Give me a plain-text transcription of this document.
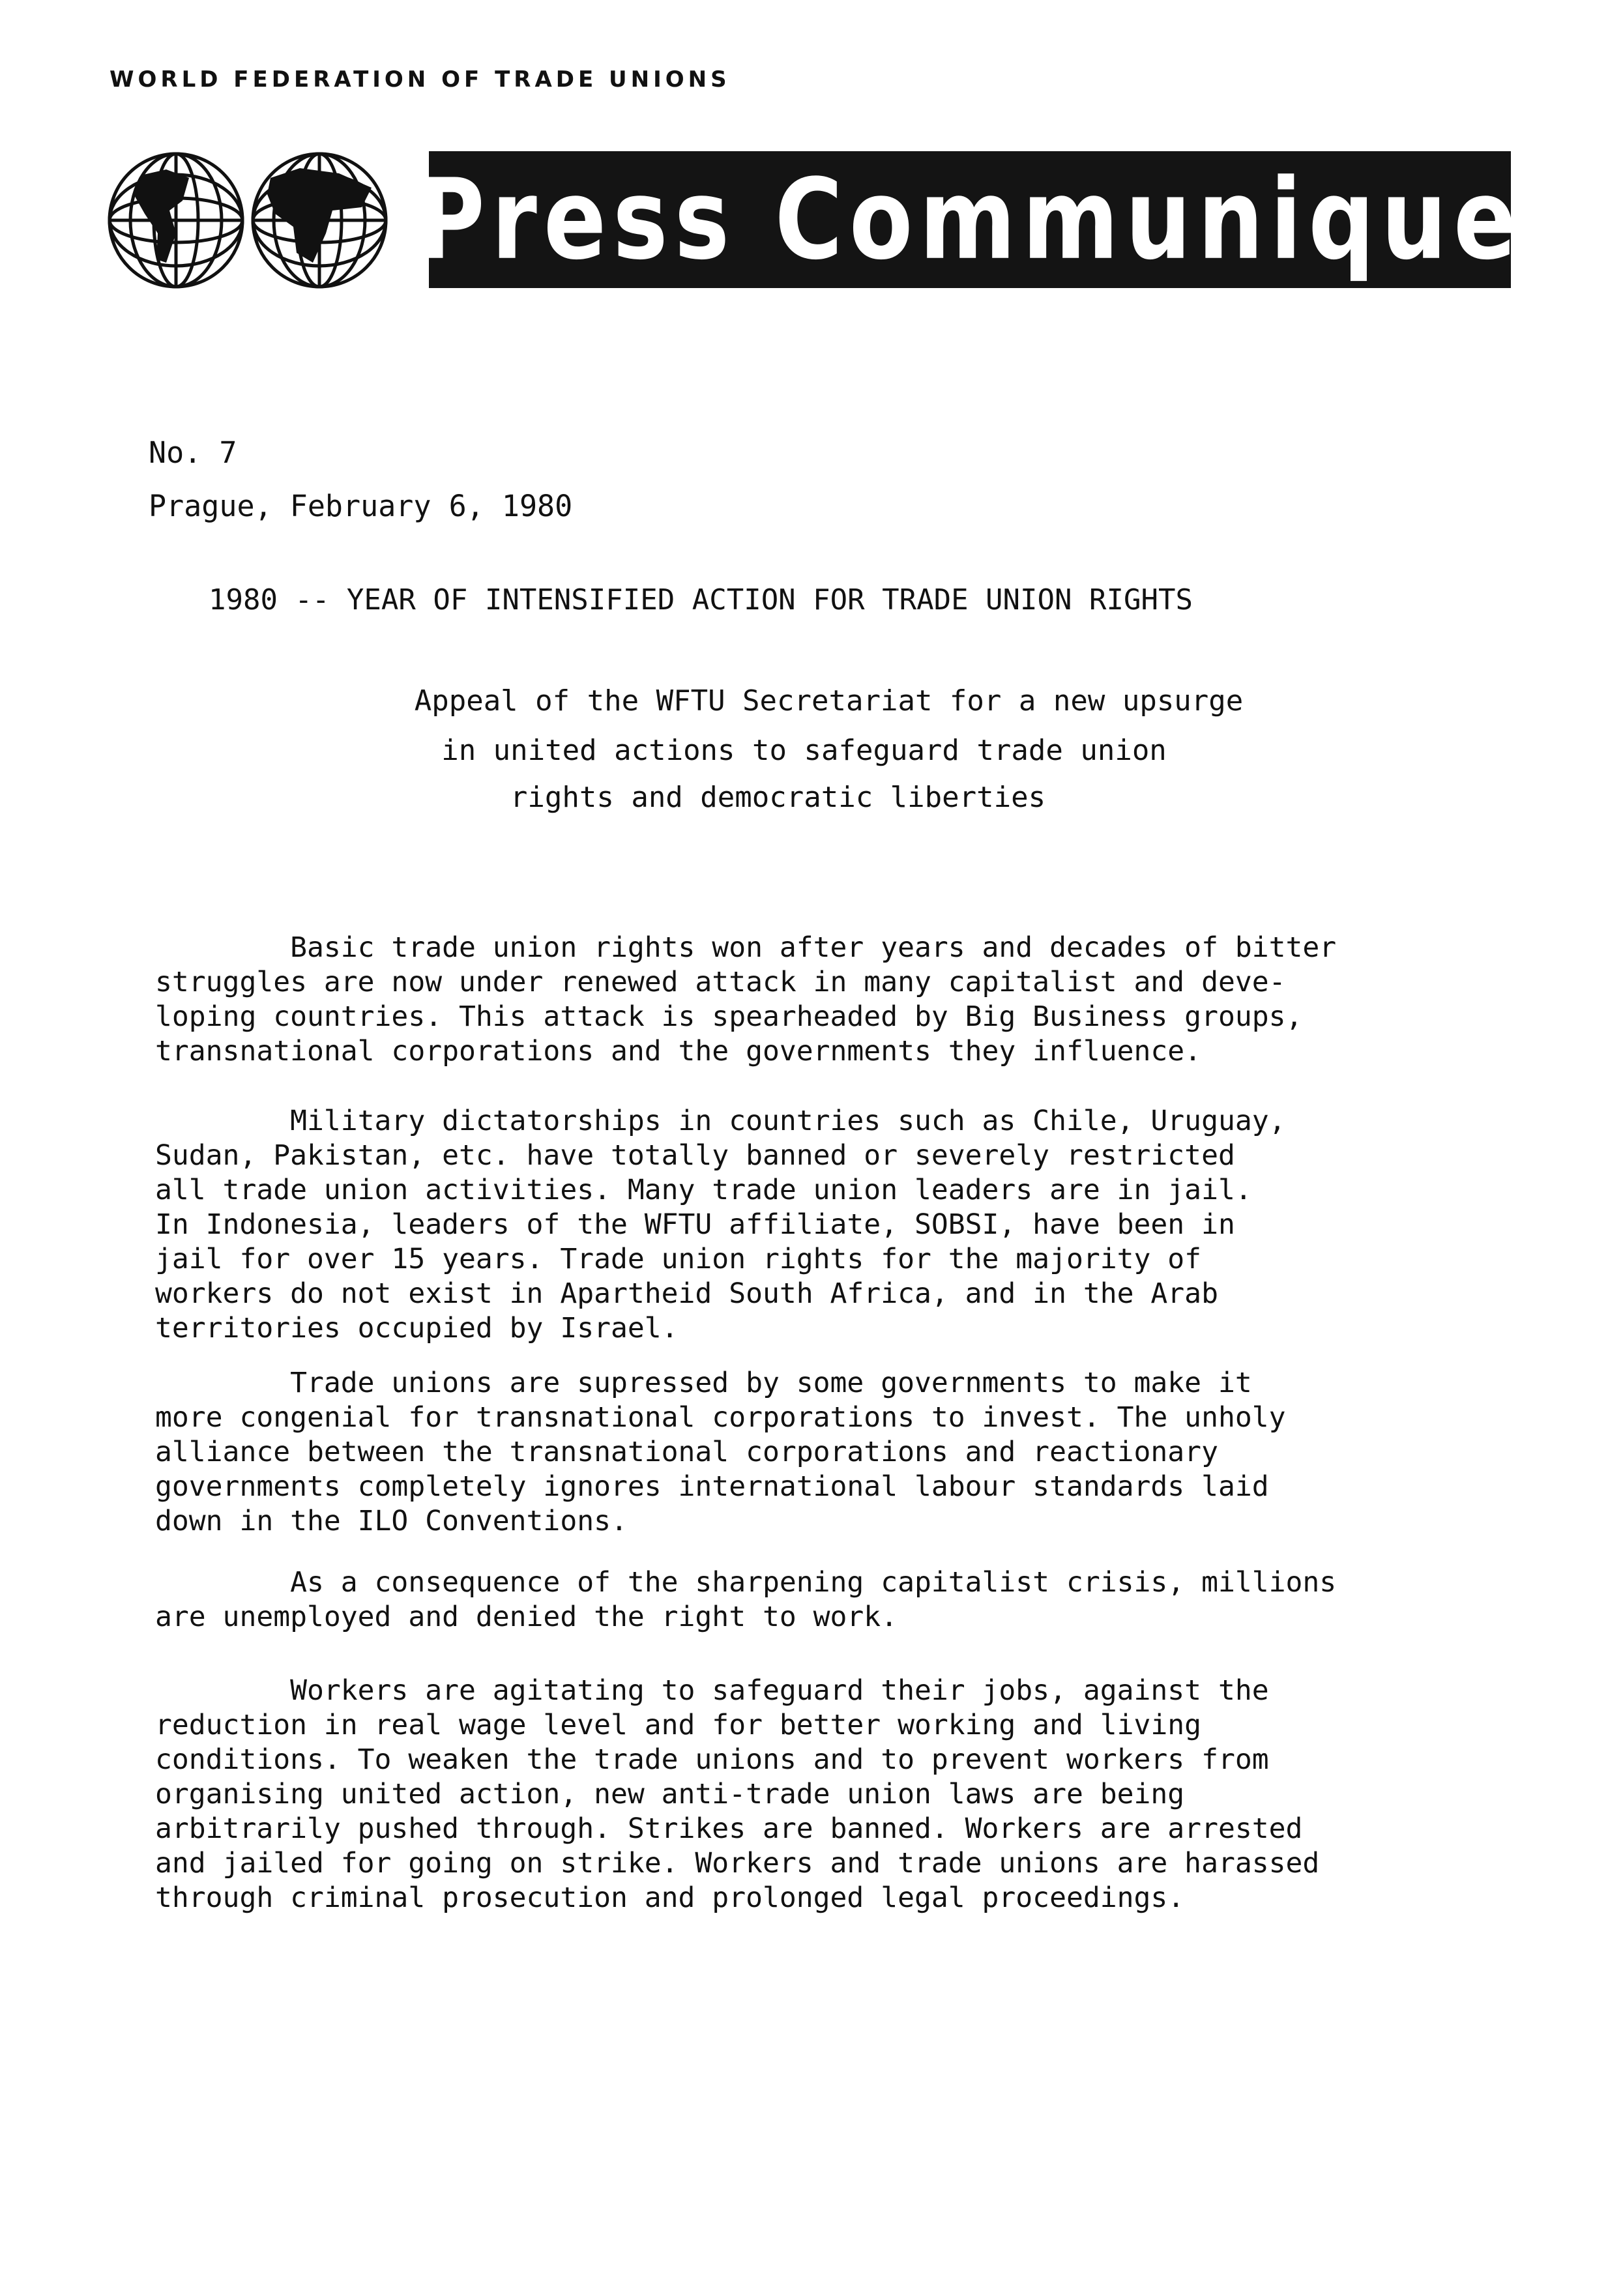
WORLD FEDERATION OF TRADE UNIONS
Press Communique
No. 7
Prague, February 6, 1980
1980 -- YEAR OF INTENSIFIED ACTION FOR TRADE UNION RIGHTS
Appeal of the WFTU Secretariat for a new upsurge
in united actions to safeguard trade union
rights and democratic liberties
Basic trade union rights won after years and decades of bitter
struggles are now under renewed attack in many capitalist and deve-
loping countries. This attack is spearheaded by Big Business groups,
transnational corporations and the governments they influence.
Military dictatorships in countries such as Chile, Uruguay,
Sudan, Pakistan, etc. have totally banned or severely restricted
all trade union activities. Many trade union leaders are in jail.
In Indonesia, leaders of the WFTU affiliate, SOBSI, have been in
jail for over 15 years. Trade union rights for the majority of
workers do not exist in Apartheid South Africa, and in the Arab
territories occupied by Israel.
Trade unions are supressed by some governments to make it
more congenial for transnational corporations to invest. The unholy
alliance between the transnational corporations and reactionary
governments completely ignores international labour standards laid
down in the ILO Conventions.
As a consequence of the sharpening capitalist crisis, millions
are unemployed and denied the right to work.
Workers are agitating to safeguard their jobs, against the
reduction in real wage level and for better working and living
conditions. To weaken the trade unions and to prevent workers from
organising united action, new anti-trade union laws are being
arbitrarily pushed through. Strikes are banned. Workers are arrested
and jailed for going on strike. Workers and trade unions are harassed
through criminal prosecution and prolonged legal proceedings.
